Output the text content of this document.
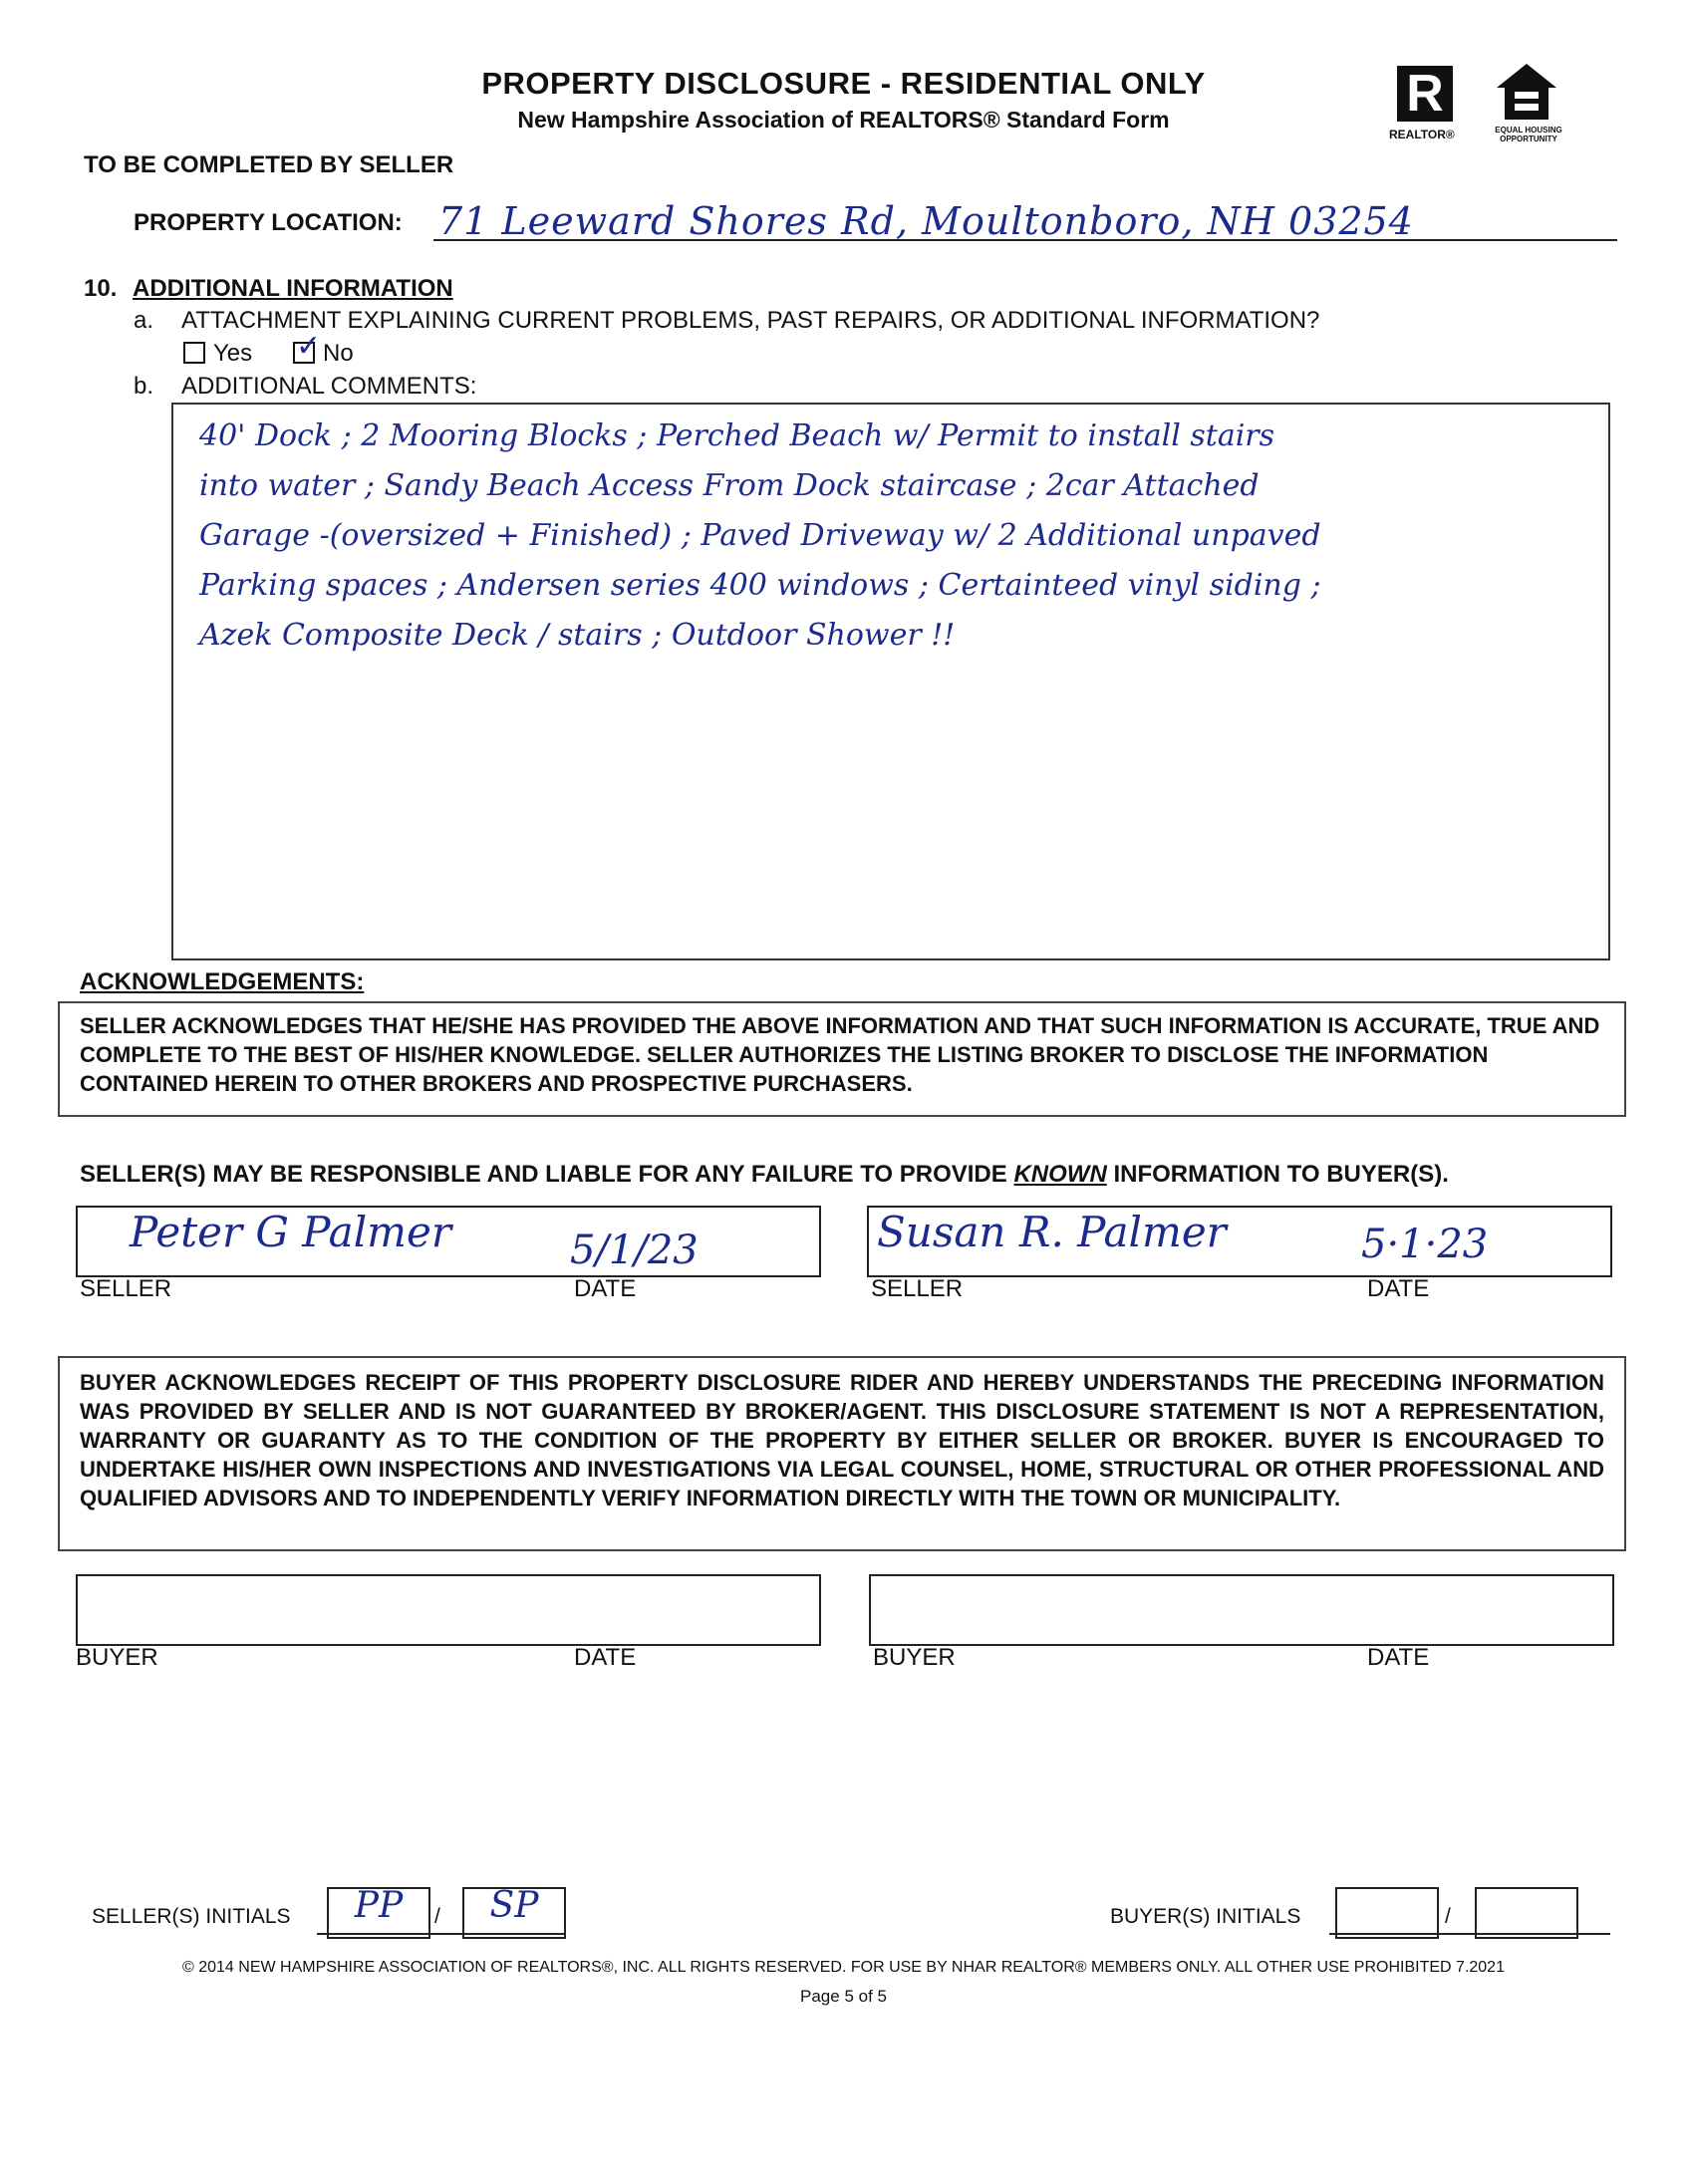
PROPERTY DISCLOSURE - RESIDENTIAL ONLY
New Hampshire Association of REALTORS® Standard Form	R
REALTOR®	EQUAL HOUSING OPPORTUNITY
TO BE COMPLETED BY SELLER
PROPERTY LOCATION: 71 Leeward Shores Rd, Moultonboro, NH 03254
10. ADDITIONAL INFORMATION
a. ATTACHMENT EXPLAINING CURRENT PROBLEMS, PAST REPAIRS, OR ADDITIONAL INFORMATION?
Yes ✓ No
b. ADDITIONAL COMMENTS:
40' Dock ; 2 Mooring Blocks ; Perched Beach w/ Permit to install stairs
into water ; Sandy Beach Access From Dock staircase ; 2car Attached
Garage -(oversized + Finished) ; Paved Driveway w/ 2 Additional unpaved
Parking spaces ; Andersen series 400 windows ; Certainteed vinyl siding ;
Azek Composite Deck / stairs ; Outdoor Shower !!
ACKNOWLEDGEMENTS:
SELLER ACKNOWLEDGES THAT HE/SHE HAS PROVIDED THE ABOVE INFORMATION AND THAT SUCH INFORMATION IS ACCURATE, TRUE AND COMPLETE TO THE BEST OF HIS/HER KNOWLEDGE. SELLER AUTHORIZES THE LISTING BROKER TO DISCLOSE THE INFORMATION CONTAINED HEREIN TO OTHER BROKERS AND PROSPECTIVE PURCHASERS.
SELLER(S) MAY BE RESPONSIBLE AND LIABLE FOR ANY FAILURE TO PROVIDE KNOWN INFORMATION TO BUYER(S).
Peter G Palmer	5/1/23
SELLER	DATE
Susan R. Palmer	5·1·23
SELLER	DATE
BUYER ACKNOWLEDGES RECEIPT OF THIS PROPERTY DISCLOSURE RIDER AND HEREBY UNDERSTANDS THE PRECEDING INFORMATION WAS PROVIDED BY SELLER AND IS NOT GUARANTEED BY BROKER/AGENT. THIS DISCLOSURE STATEMENT IS NOT A REPRESENTATION, WARRANTY OR GUARANTY AS TO THE CONDITION OF THE PROPERTY BY EITHER SELLER OR BROKER. BUYER IS ENCOURAGED TO UNDERTAKE HIS/HER OWN INSPECTIONS AND INVESTIGATIONS VIA LEGAL COUNSEL, HOME, STRUCTURAL OR OTHER PROFESSIONAL AND QUALIFIED ADVISORS AND TO INDEPENDENTLY VERIFY INFORMATION DIRECTLY WITH THE TOWN OR MUNICIPALITY.
BUYER	DATE	BUYER	DATE
SELLER(S) INITIALS	PP	/	SP	BUYER(S) INITIALS	/
© 2014 NEW HAMPSHIRE ASSOCIATION OF REALTORS®, INC. ALL RIGHTS RESERVED. FOR USE BY NHAR REALTOR® MEMBERS ONLY. ALL OTHER USE PROHIBITED 7.2021
Page 5 of 5
